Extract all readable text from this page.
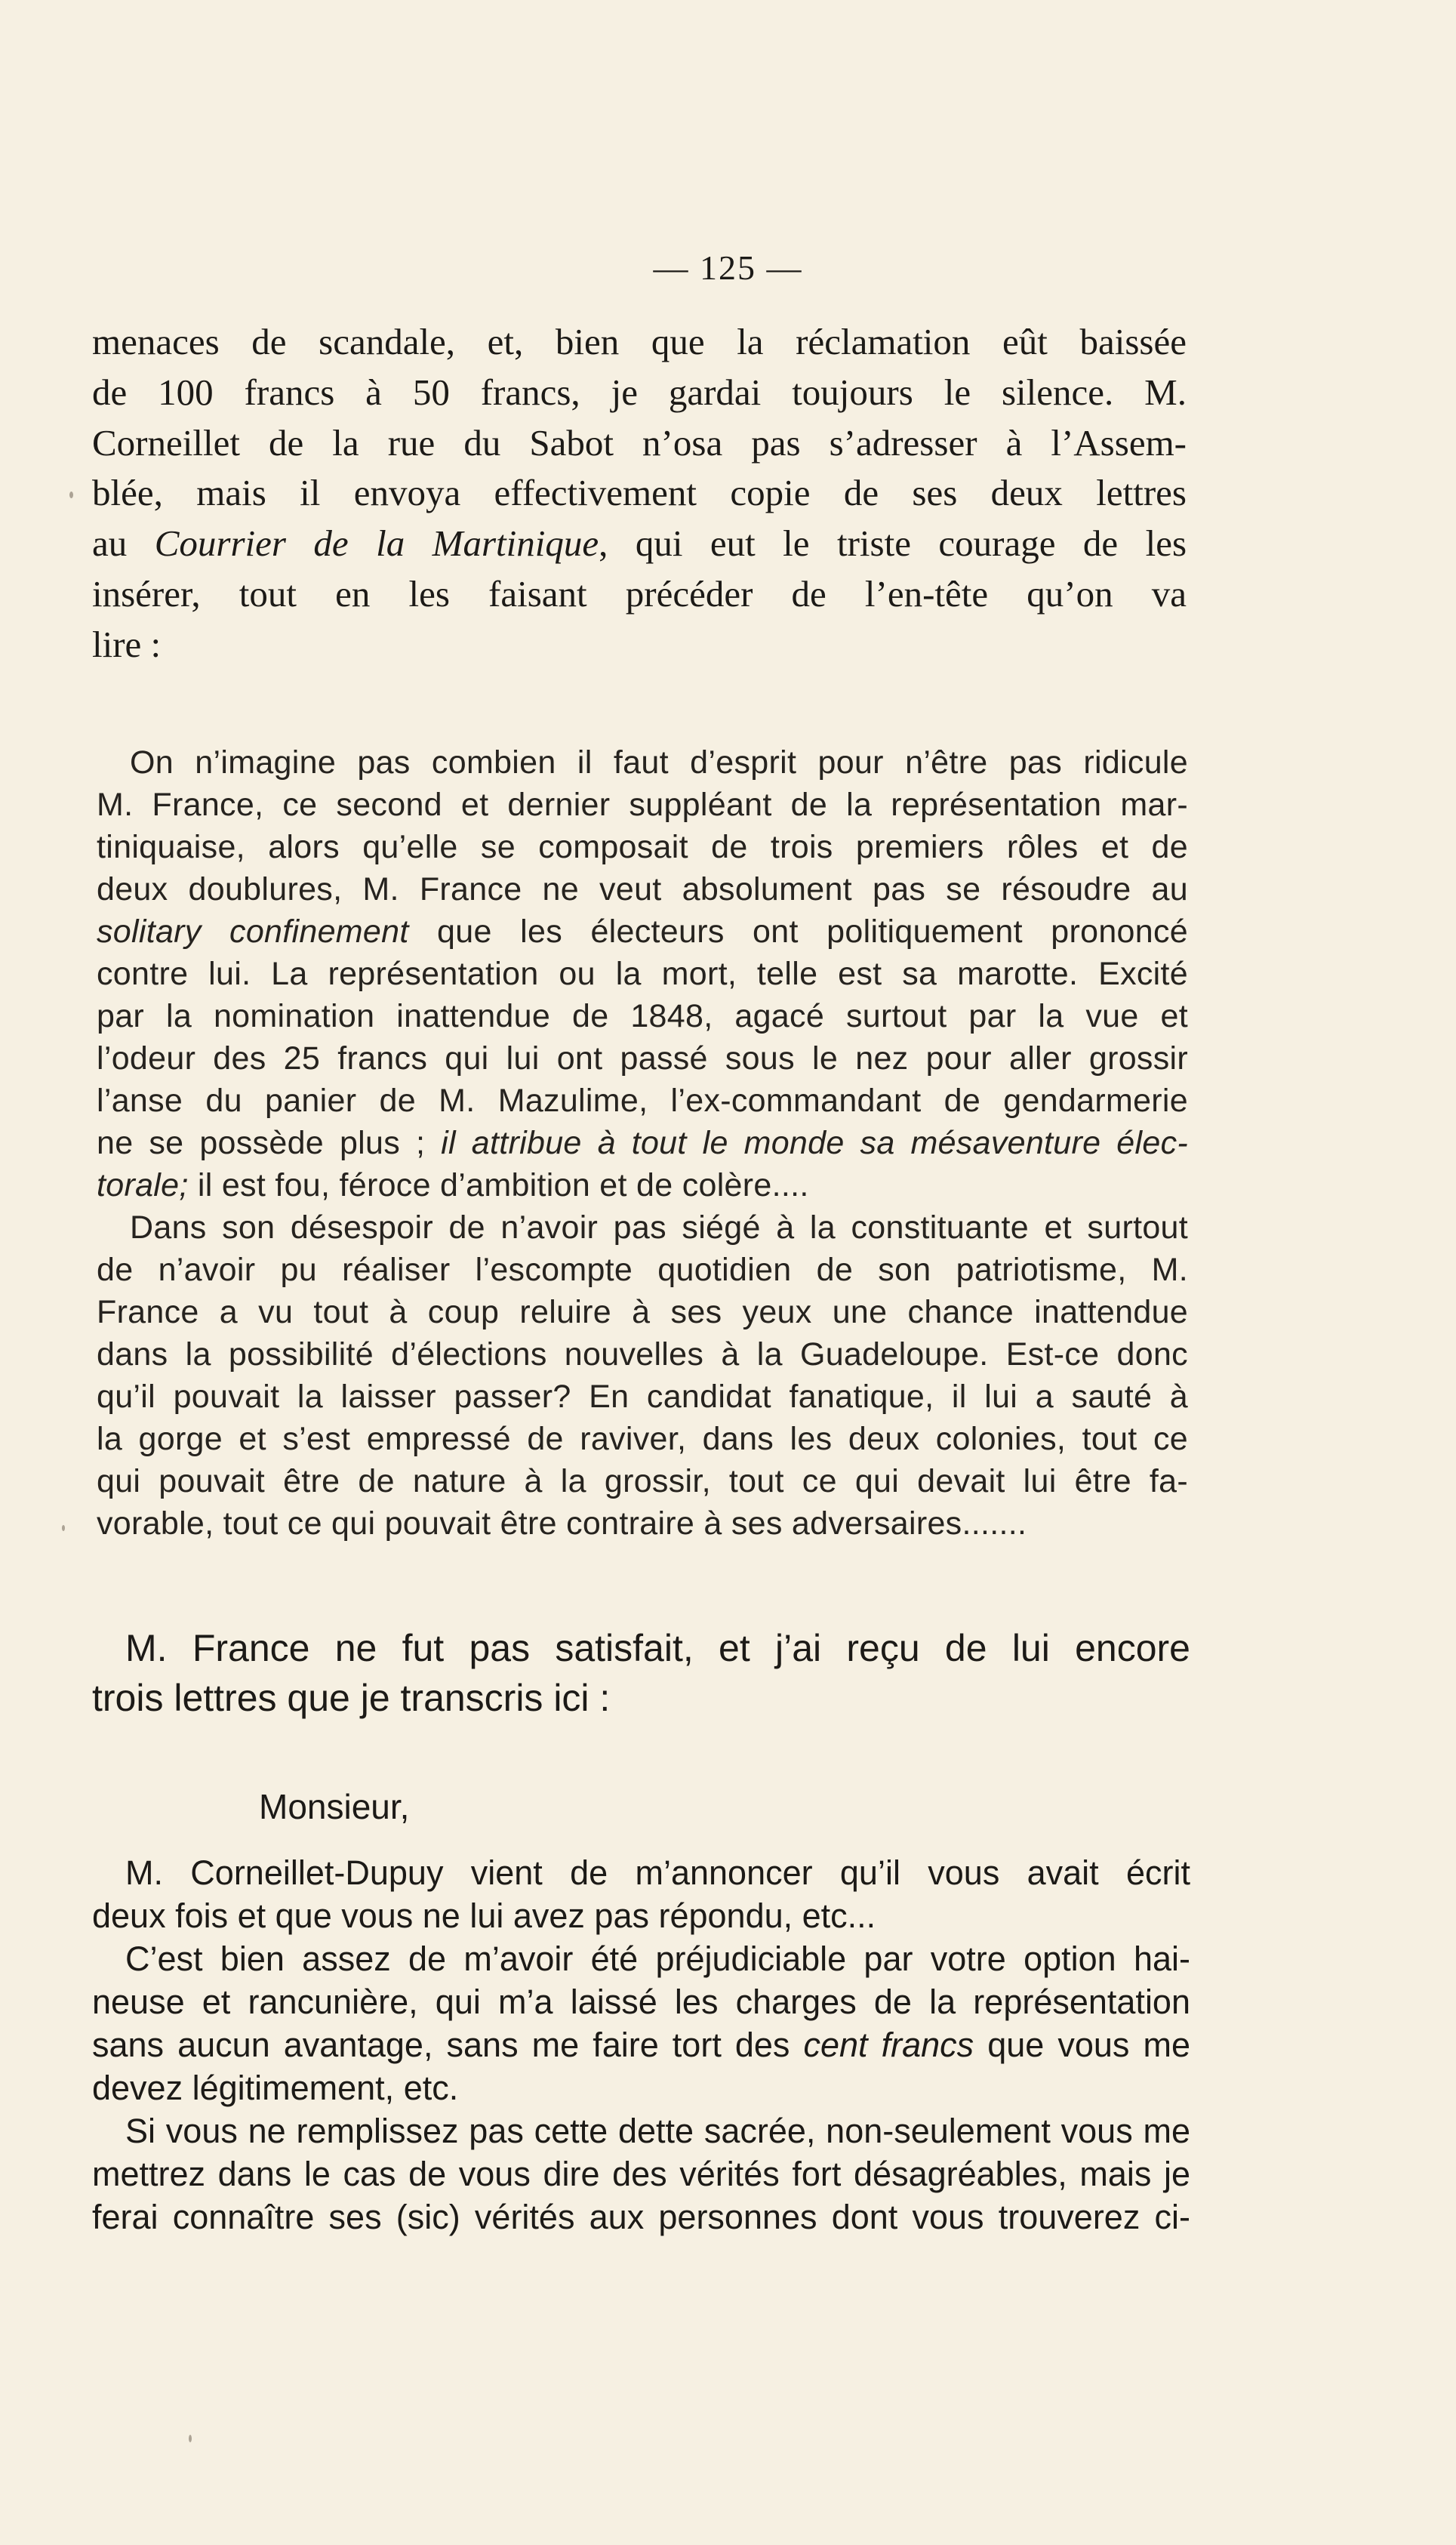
— 125 —
menaces de scandale, et, bien que la réclamation eût baissée
de 100 francs à 50 francs, je gardai toujours le silence. M.
Corneillet de la rue du Sabot n’osa pas s’adresser à l’Assem-
blée, mais il envoya effectivement copie de ses deux lettres
au Courrier de la Martinique, qui eut le triste courage de les
insérer, tout en les faisant précéder de l’en-tête qu’on va
lire :
On n’imagine pas combien il faut d’esprit pour n’être pas ridicule
M. France, ce second et dernier suppléant de la représentation mar-
tiniquaise, alors qu’elle se composait de trois premiers rôles et de
deux doublures, M. France ne veut absolument pas se résoudre au
solitary confinement que les électeurs ont politiquement prononcé
contre lui. La représentation ou la mort, telle est sa marotte. Excité
par la nomination inattendue de 1848, agacé surtout par la vue et
l’odeur des 25 francs qui lui ont passé sous le nez pour aller grossir
l’anse du panier de M. Mazulime, l’ex-commandant de gendarmerie
ne se possède plus ; il attribue à tout le monde sa mésaventure élec-
torale; il est fou, féroce d’ambition et de colère....
Dans son désespoir de n’avoir pas siégé à la constituante et surtout
de n’avoir pu réaliser l’escompte quotidien de son patriotisme, M.
France a vu tout à coup reluire à ses yeux une chance inattendue
dans la possibilité d’élections nouvelles à la Guadeloupe. Est-ce donc
qu’il pouvait la laisser passer? En candidat fanatique, il lui a sauté à
la gorge et s’est empressé de raviver, dans les deux colonies, tout ce
qui pouvait être de nature à la grossir, tout ce qui devait lui être fa-
vorable, tout ce qui pouvait être contraire à ses adversaires.......
M. France ne fut pas satisfait, et j’ai reçu de lui encore
trois lettres que je transcris ici :
Monsieur,
M. Corneillet-Dupuy vient de m’annoncer qu’il vous avait écrit
deux fois et que vous ne lui avez pas répondu, etc...
C’est bien assez de m’avoir été préjudiciable par votre option hai-
neuse et rancunière, qui m’a laissé les charges de la représentation
sans aucun avantage, sans me faire tort des cent francs que vous me
devez légitimement, etc.
Si vous ne remplissez pas cette dette sacrée, non-seulement vous me
mettrez dans le cas de vous dire des vérités fort désagréables, mais je
ferai connaître ses (sic) vérités aux personnes dont vous trouverez ci-
